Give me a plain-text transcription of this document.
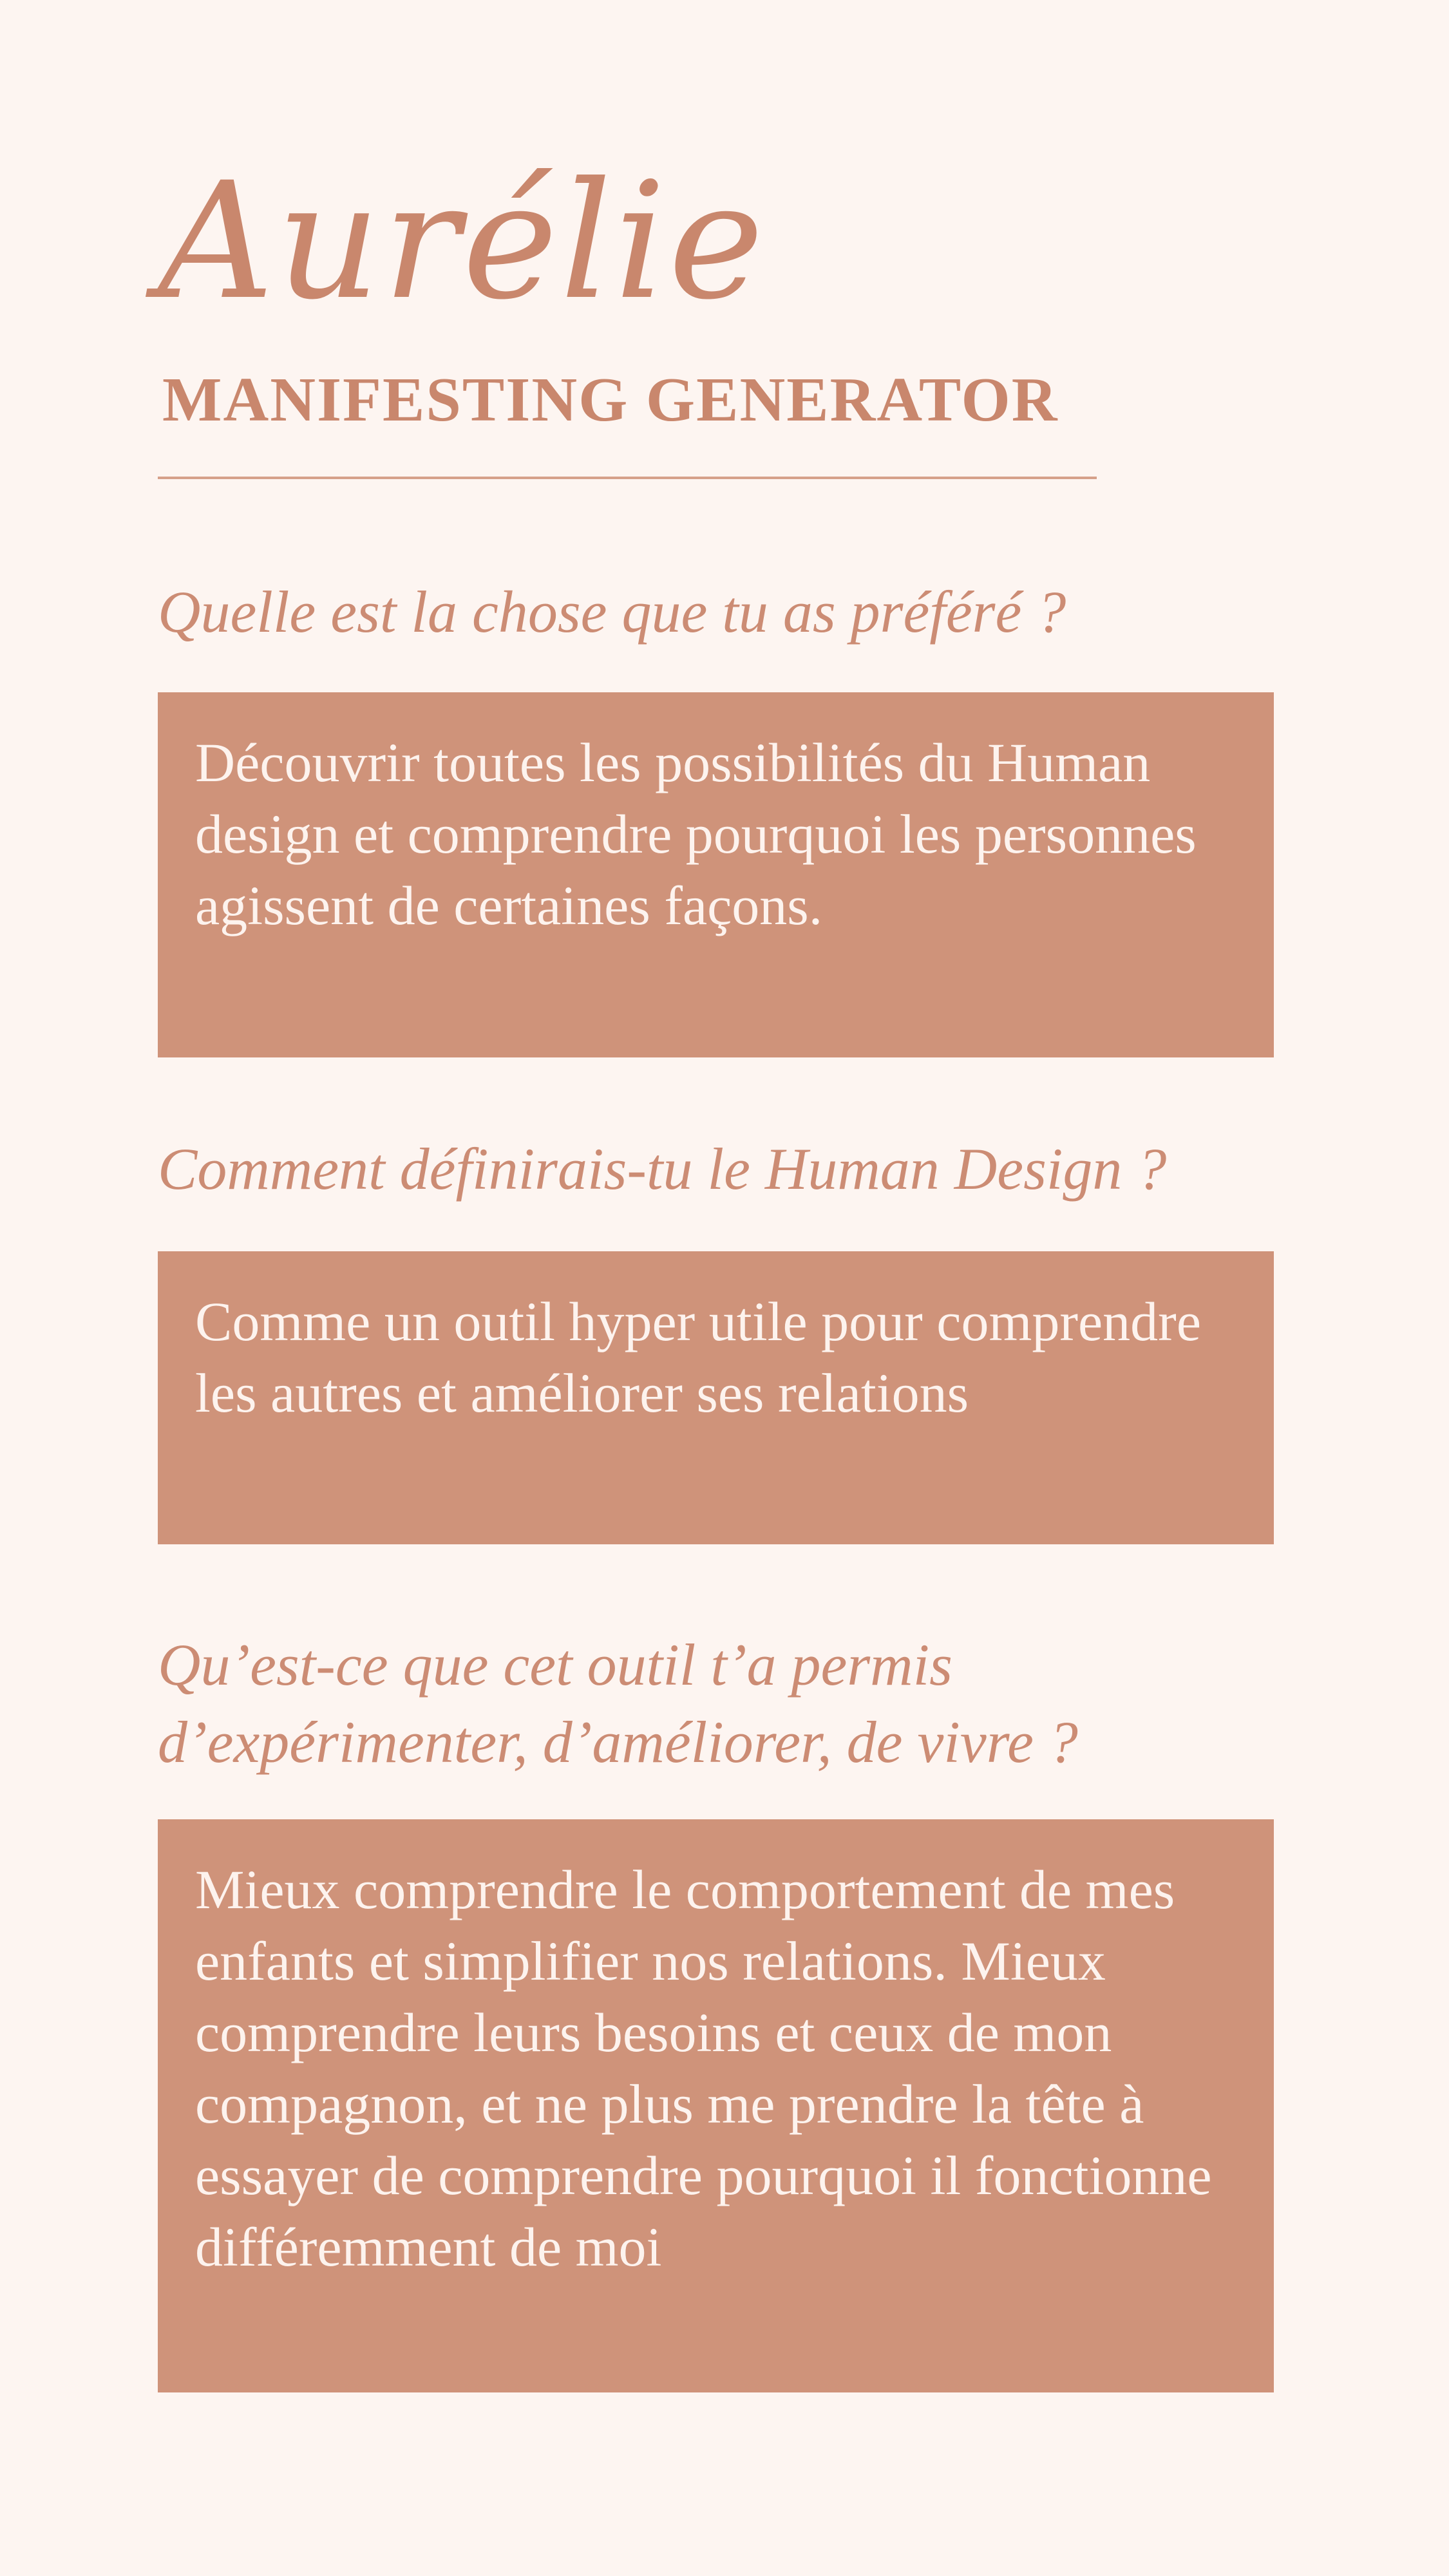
Aurélie
MANIFESTING GENERATOR
Quelle est la chose que tu as préféré ?
Découvrir toutes les possibilités du Human design et comprendre pourquoi les personnes agissent de certaines façons.
Comment définirais-tu le Human Design ?
Comme un outil hyper utile pour comprendre les autres et améliorer ses relations
Qu’est-ce que cet outil t’a permis d’expérimenter, d’améliorer, de vivre ?
Mieux comprendre le comportement de mes enfants et simplifier nos relations. Mieux comprendre leurs besoins et ceux de mon compagnon, et ne plus me prendre la tête à essayer de comprendre pourquoi il fonctionne différemment de moi
